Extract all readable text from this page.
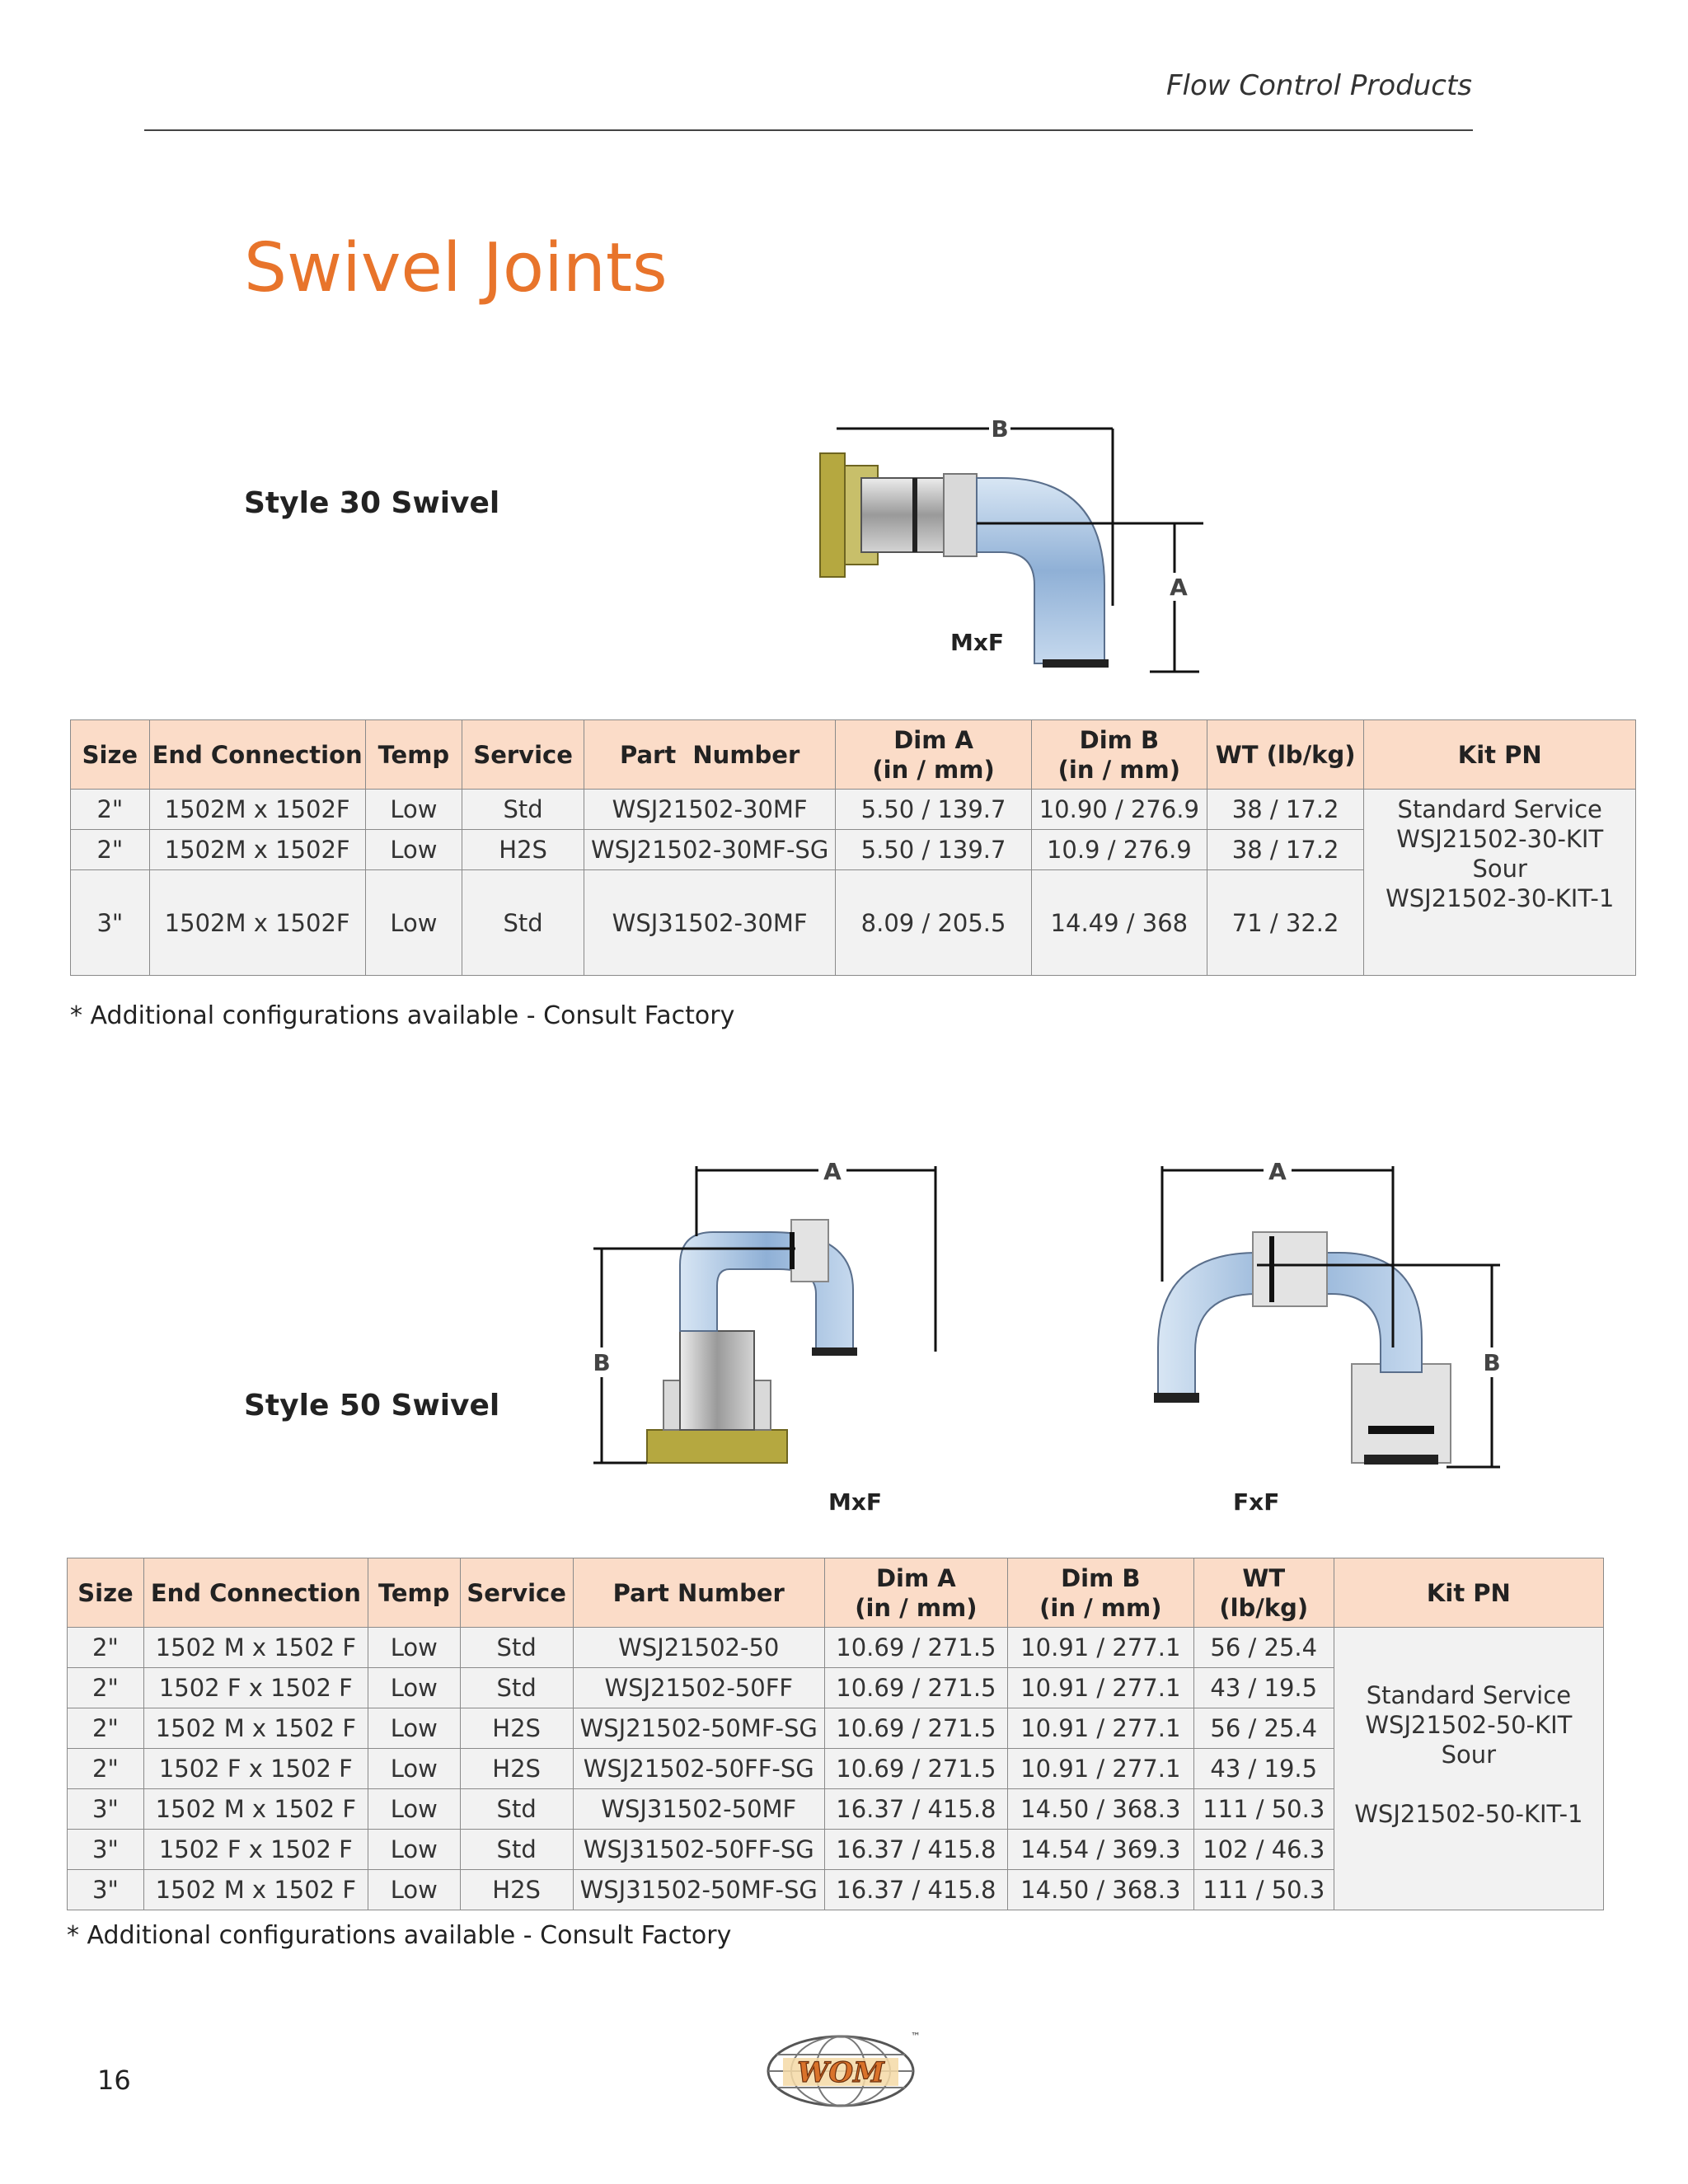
Flow Control Products
Swivel Joints
Style 30 Swivel
B
A
MxF
Size	End Connection	Temp	Service	Part  Number	Dim A
(in / mm)	Dim B
(in / mm)	WT (lb/kg)	Kit PN
2"	1502M x 1502F	Low	Std	WSJ21502-30MF	5.50 / 139.7	10.90 / 276.9	38 / 17.2	Standard Service
WSJ21502-30-KIT
Sour
WSJ21502-30-KIT-1

2"	1502M x 1502F	Low	H2S	WSJ21502-30MF-SG	5.50 / 139.7	10.9 / 276.9	38 / 17.2	
3"	1502M x 1502F	Low	Std	WSJ31502-30MF	8.09 / 205.5	14.49 / 368	71 / 32.2	
* Additional configurations available - Consult Factory
Style 50 Swivel
A
B
MxF
A
B
FxF
Size	End Connection	Temp	Service	Part Number	Dim A
(in / mm)	Dim B
(in / mm)	WT
(lb/kg)	Kit PN
2"	1502 M x 1502 F	Low	Std	WSJ21502-50	10.69 / 271.5	10.91 / 277.1	56 / 25.4	Standard Service
WSJ21502-50-KIT
Sour
WSJ21502-50-KIT-1

2"	1502 F x 1502 F	Low	Std	WSJ21502-50FF	10.69 / 271.5	10.91 / 277.1	43 / 19.5	
2"	1502 M x 1502 F	Low	H2S	WSJ21502-50MF-SG	10.69 / 271.5	10.91 / 277.1	56 / 25.4	
2"	1502 F x 1502 F	Low	H2S	WSJ21502-50FF-SG	10.69 / 271.5	10.91 / 277.1	43 / 19.5	
3"	1502 M x 1502 F	Low	Std	WSJ31502-50MF	16.37 / 415.8	14.50 / 368.3	111 / 50.3	
3"	1502 F x 1502 F	Low	Std	WSJ31502-50FF-SG	16.37 / 415.8	14.54 / 369.3	102 / 46.3	
3"	1502 M x 1502 F	Low	H2S	WSJ31502-50MF-SG	16.37 / 415.8	14.50 / 368.3	111 / 50.3	
* Additional configurations available - Consult Factory
16	WOM
™
